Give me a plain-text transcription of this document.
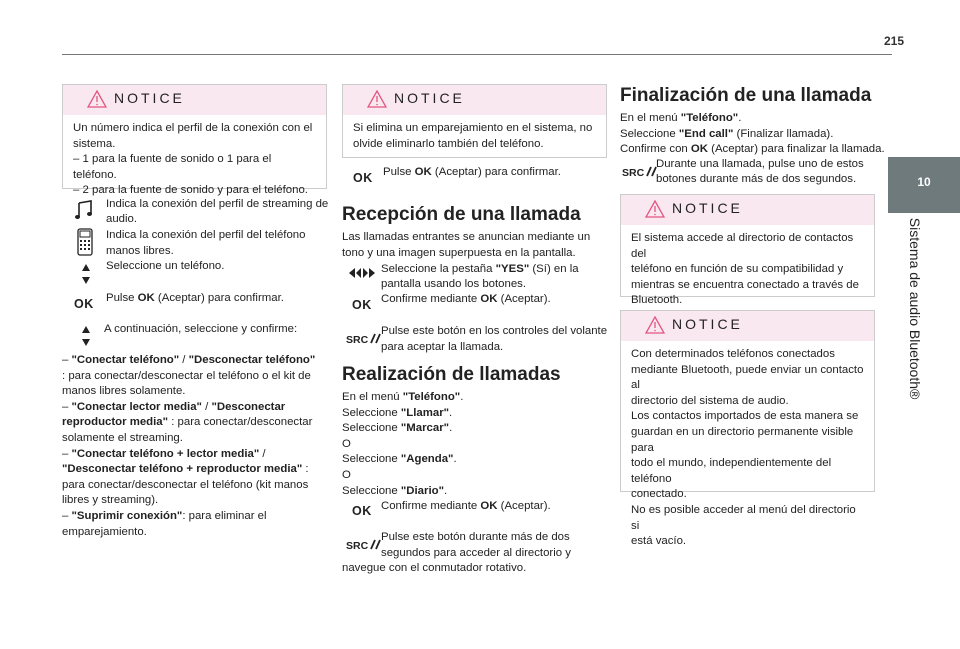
215
10
Sistema de audio Bluetooth®
NOTICE
Un número indica el perfil de la conexión con el
sistema.
– 1 para la fuente de sonido o 1 para el teléfono.
– 2 para la fuente de sonido y para el teléfono.
Indica la conexión del perfil de streaming de
audio.
Indica la conexión del perfil del teléfono
manos libres.
Seleccione un teléfono.
OK Pulse OK (Aceptar) para confirmar.
A continuación, seleccione y confirme:
– "Conectar teléfono" / "Desconectar teléfono"
: para conectar/desconectar el teléfono o el kit de
manos libres solamente.
– "Conectar lector media" / "Desconectar
reproductor media" : para conectar/desconectar
solamente el streaming.
– "Conectar teléfono + lector media" /
"Desconectar teléfono + reproductor media" :
para conectar/desconectar el teléfono (kit manos
libres y streaming).
– "Suprimir conexión": para eliminar el
emparejamiento.
NOTICE
Si elimina un emparejamiento en el sistema, no
olvide eliminarlo también del teléfono.
OK Pulse OK (Aceptar) para confirmar.
Recepción de una llamada
Las llamadas entrantes se anuncian mediante un
tono y una imagen superpuesta en la pantalla.
Seleccione la pestaña "YES" (Sí) en la
pantalla usando los botones.
OK Confirme mediante OK (Aceptar).
SRC
Pulse este botón en los controles del volante
para aceptar la llamada.
Realización de llamadas
En el menú "Teléfono".
Seleccione "Llamar".
Seleccione "Marcar".
O
Seleccione "Agenda".
O
Seleccione "Diario".
OK Confirme mediante OK (Aceptar).
SRC
Pulse este botón durante más de dos
segundos para acceder al directorio y
navegue con el conmutador rotativo.
Finalización de una llamada
En el menú "Teléfono".
Seleccione "End call" (Finalizar llamada).
Confirme con OK (Aceptar) para finalizar la llamada.
SRC
Durante una llamada, pulse uno de estos
botones durante más de dos segundos.
NOTICE
El sistema accede al directorio de contactos del
teléfono en función de su compatibilidad y
mientras se encuentra conectado a través de
Bluetooth.
NOTICE
Con determinados teléfonos conectados
mediante Bluetooth, puede enviar un contacto al
directorio del sistema de audio.
Los contactos importados de esta manera se
guardan en un directorio permanente visible para
todo el mundo, independientemente del teléfono
conectado.
No es posible acceder al menú del directorio si
está vacío.
